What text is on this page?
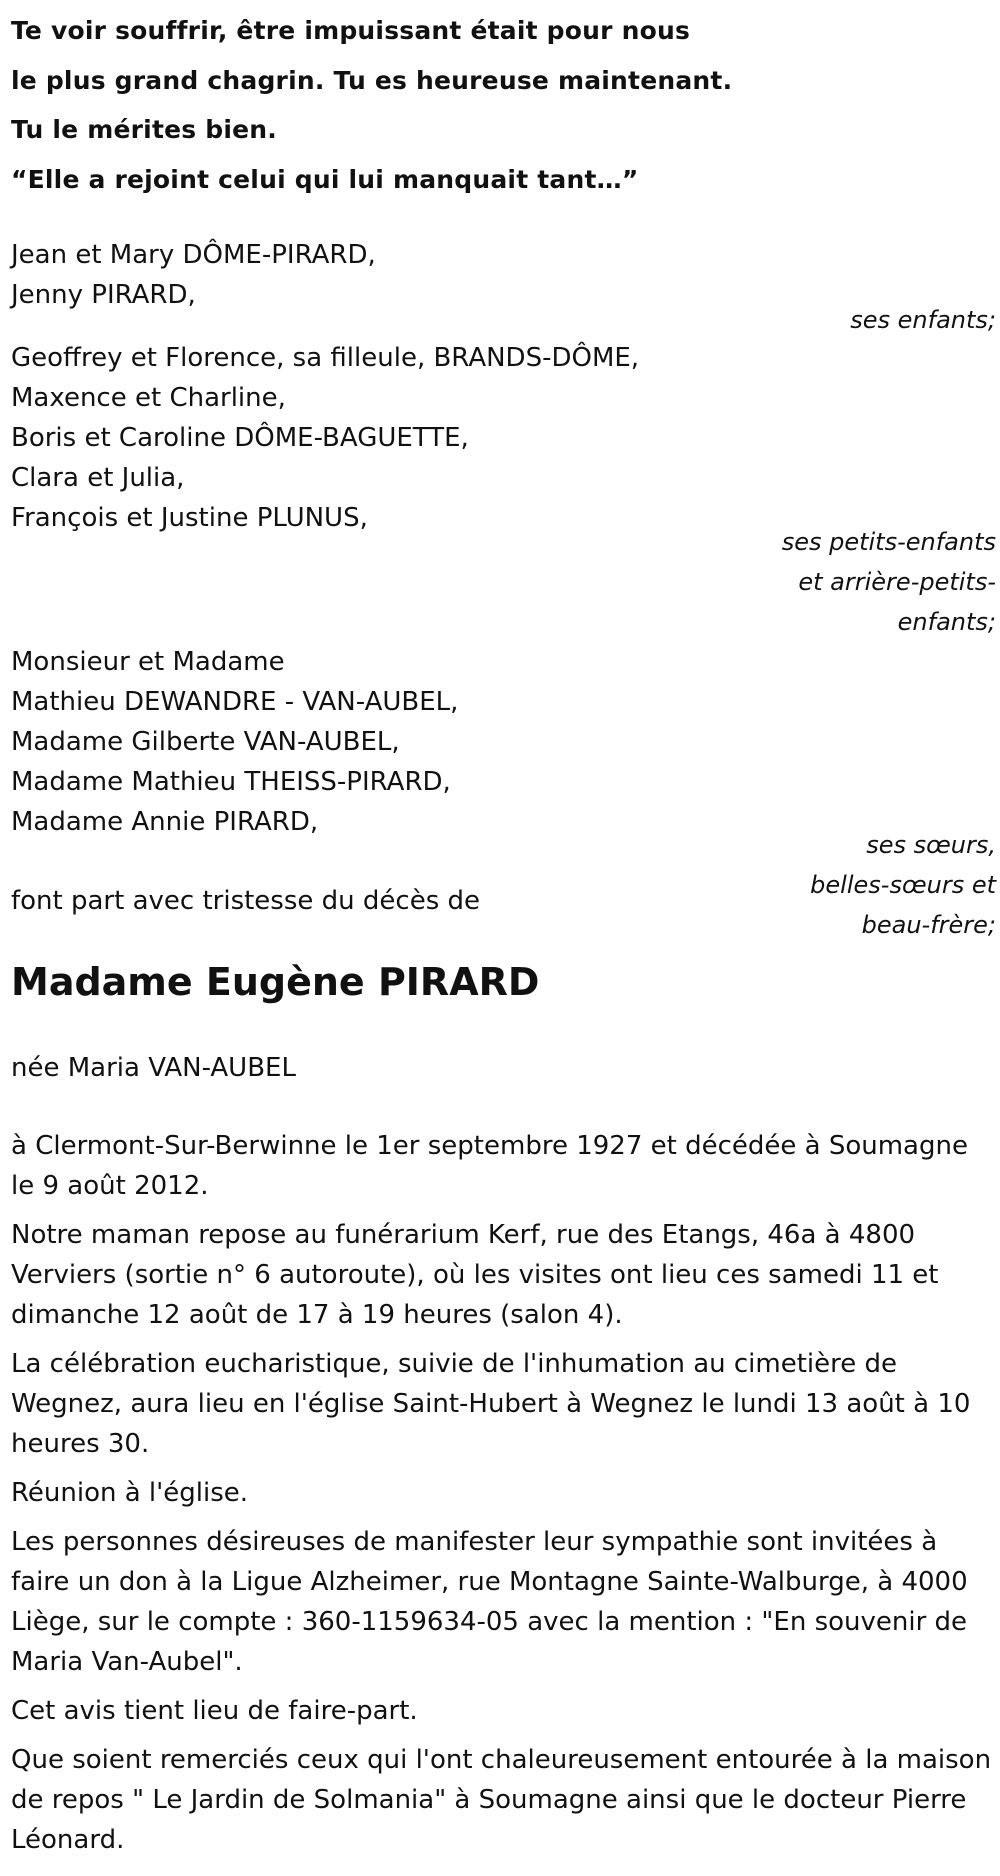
Te voir souffrir, être impuissant était pour nous

le plus grand chagrin. Tu es heureuse maintenant.

Tu le mérites bien.

“Elle a rejoint celui qui lui manquait tant…”

Jean et Mary DÔME-PIRARD,
Jenny PIRARD,
ses enfants;
Geoffrey et Florence, sa filleule, BRANDS-DÔME,
Maxence et Charline,
Boris et Caroline DÔME-BAGUETTE,
Clara et Julia,
François et Justine PLUNUS,
ses petits-enfants
et arrière-petits-
enfants;
Monsieur et Madame
Mathieu DEWANDRE - VAN-AUBEL,
Madame Gilberte VAN-AUBEL,
Madame Mathieu THEISS-PIRARD,
Madame Annie PIRARD,
ses sœurs,
belles-sœurs et
beau-frère;
font part avec tristesse du décès de
Madame Eugène PIRARD
née Maria VAN-AUBEL

à Clermont-Sur-Berwinne le 1er septembre 1927 et décédée à Soumagne le 9 août 2012.

Notre maman repose au funérarium Kerf, rue des Etangs, 46a à 4800 Verviers (sortie n° 6 autoroute), où les visites ont lieu ces samedi 11 et dimanche 12 août de 17 à 19 heures (salon 4).

La célébration eucharistique, suivie de l'inhumation au cimetière de Wegnez, aura lieu en l'église Saint-Hubert à Wegnez le lundi 13 août à 10 heures 30.

Réunion à l'église.

Les personnes désireuses de manifester leur sympathie sont invitées à faire un don à la Ligue Alzheimer, rue Montagne Sainte-Walburge, à 4000 Liège, sur le compte : 360-1159634-05 avec la mention : "En souvenir de Maria Van-Aubel".

Cet avis tient lieu de faire-part.

Que soient remerciés ceux qui l'ont chaleureusement entourée à la maison de repos " Le Jardin de Solmania" à Soumagne ainsi que le docteur Pierre Léonard.
